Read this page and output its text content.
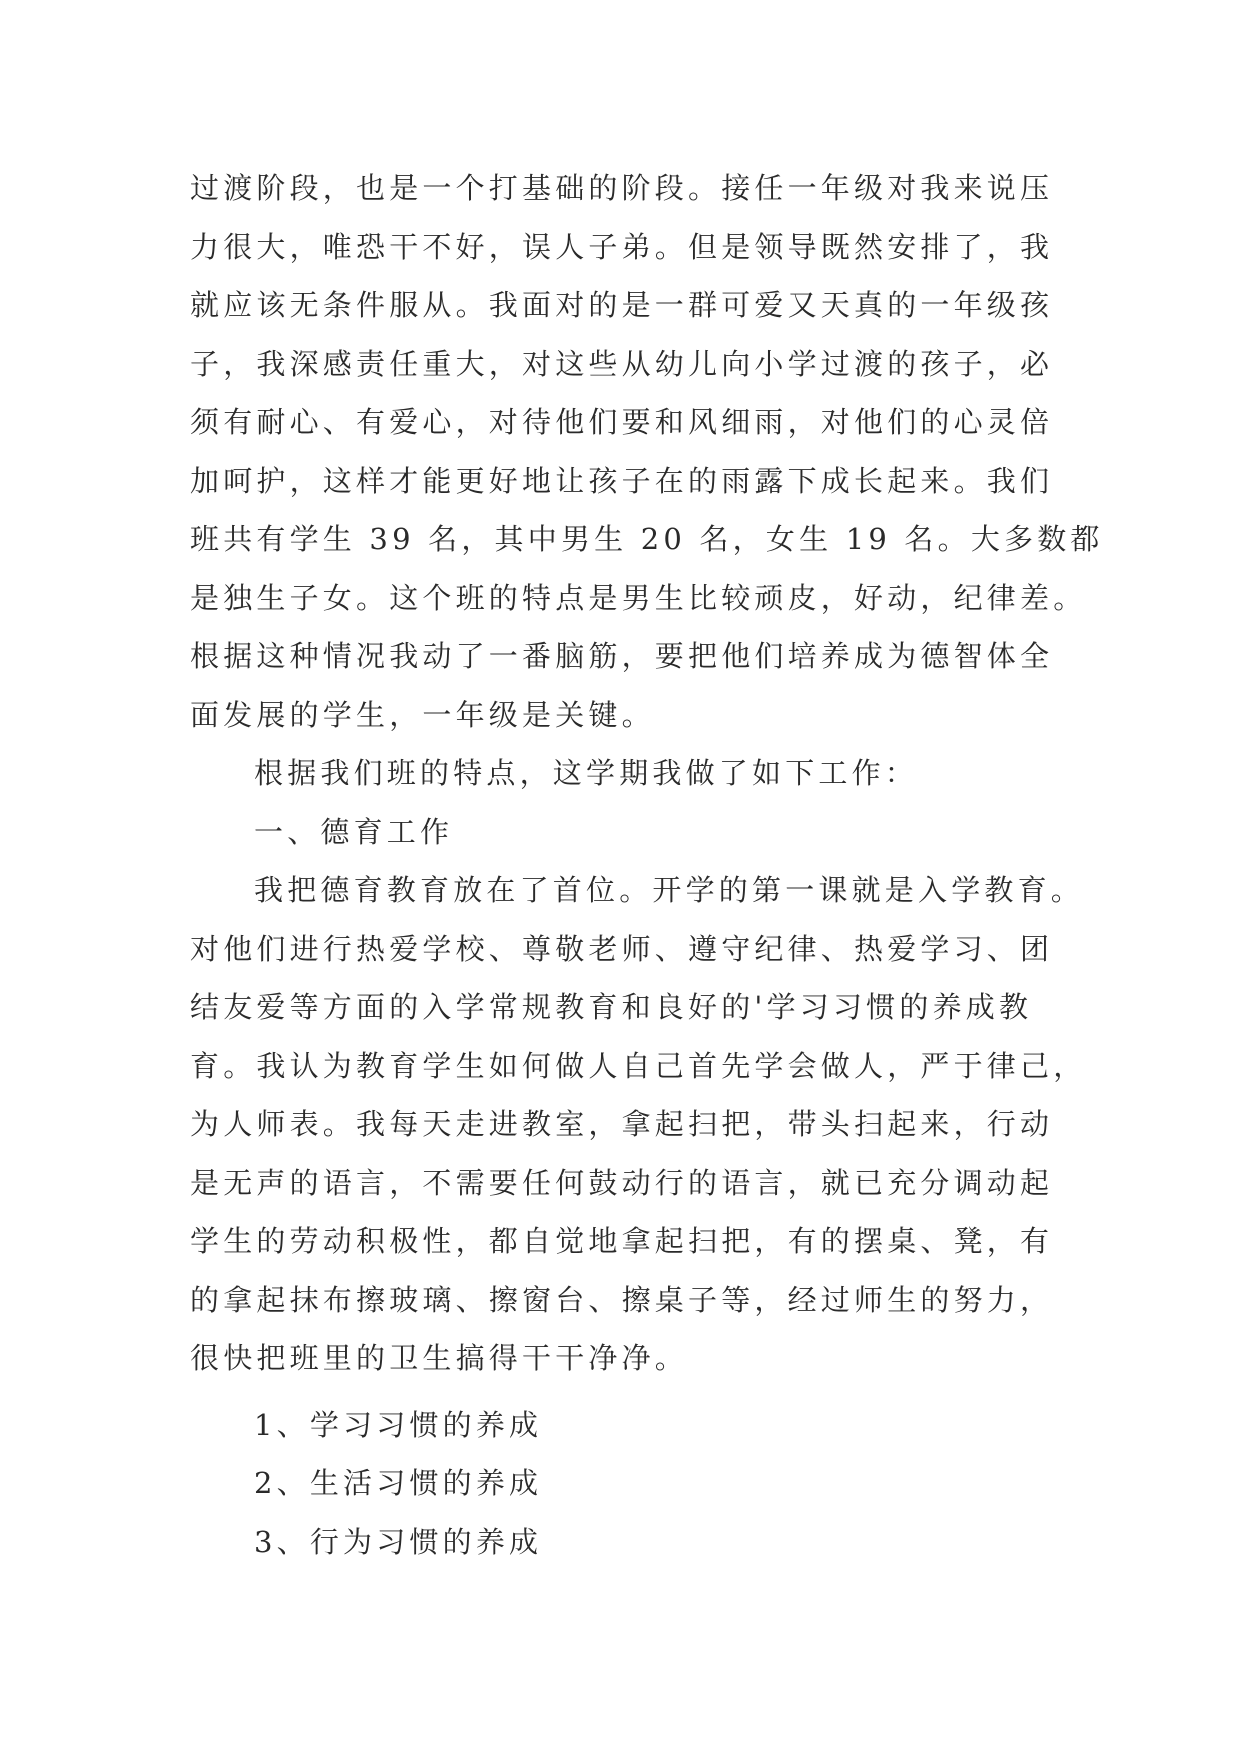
过渡阶段，也是一个打基础的阶段。接任一年级对我来说压
力很大，唯恐干不好，误人子弟。但是领导既然安排了，我
就应该无条件服从。我面对的是一群可爱又天真的一年级孩
子，我深感责任重大，对这些从幼儿向小学过渡的孩子，必
须有耐心、有爱心，对待他们要和风细雨，对他们的心灵倍
加呵护，这样才能更好地让孩子在的雨露下成长起来。我们
班共有学生 39 名，其中男生 20 名，女生 19 名。大多数都
是独生子女。这个班的特点是男生比较顽皮，好动，纪律差。
根据这种情况我动了一番脑筋，要把他们培养成为德智体全
面发展的学生，一年级是关键。
根据我们班的特点，这学期我做了如下工作：
一、德育工作
我把德育教育放在了首位。开学的第一课就是入学教育。
对他们进行热爱学校、尊敬老师、遵守纪律、热爱学习、团
结友爱等方面的入学常规教育和良好的'学习习惯的养成教
育。我认为教育学生如何做人自己首先学会做人，严于律己，
为人师表。我每天走进教室，拿起扫把，带头扫起来，行动
是无声的语言，不需要任何鼓动行的语言，就已充分调动起
学生的劳动积极性，都自觉地拿起扫把，有的摆桌、凳，有
的拿起抹布擦玻璃、擦窗台、擦桌子等，经过师生的努力，
很快把班里的卫生搞得干干净净。
1、学习习惯的养成
2、生活习惯的养成
3、行为习惯的养成
